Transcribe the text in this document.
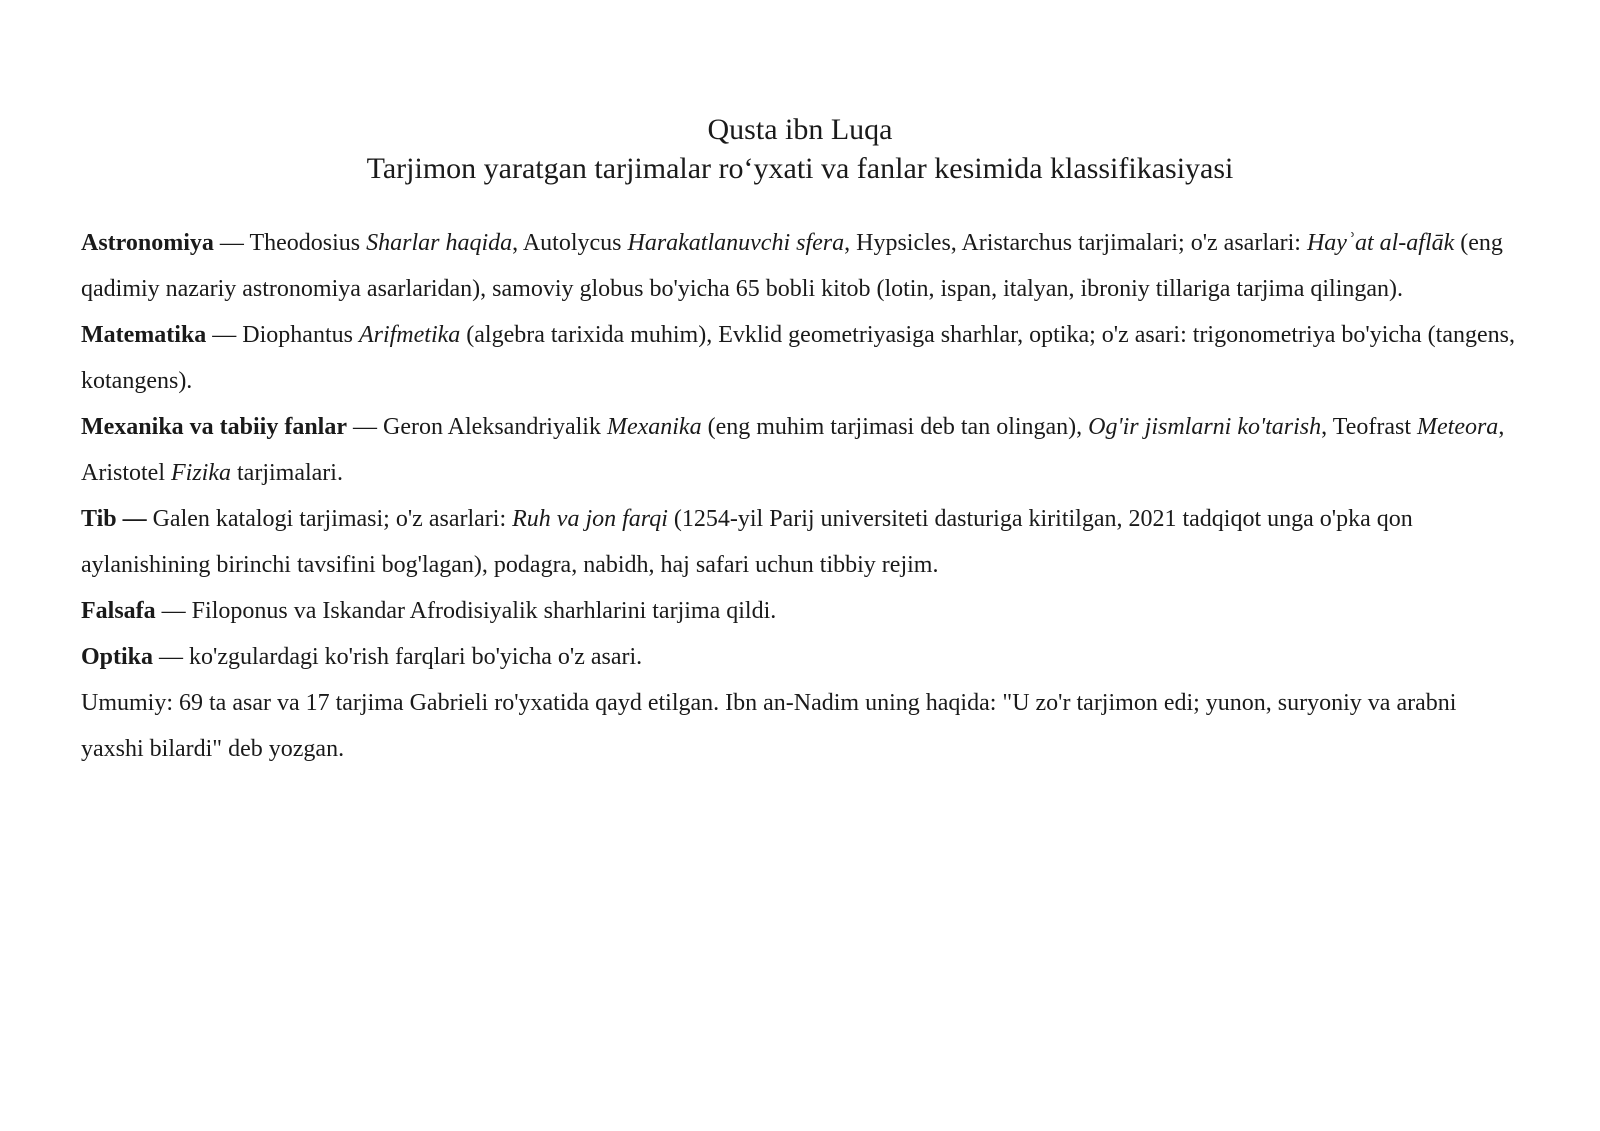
Qusta ibn Luqa
Tarjimon yaratgan tarjimalar ro‘yxati va fanlar kesimida klassifikasiyasi

Astronomiya — Theodosius Sharlar haqida, Autolycus Harakatlanuvchi sfera, Hypsicles, Aristarchus tarjimalari; o'z asarlari: Hayʾat al-aflāk (eng qadimiy nazariy astronomiya asarlaridan), samoviy globus bo'yicha 65 bobli kitob (lotin, ispan, italyan, ibroniy tillariga tarjima qilingan).

Matematika — Diophantus Arifmetika (algebra tarixida muhim), Evklid geometriyasiga sharhlar, optika; o'z asari: trigonometriya bo'yicha (tangens, kotangens).

Mexanika va tabiiy fanlar — Geron Aleksandriyalik Mexanika (eng muhim tarjimasi deb tan olingan), Og'ir jismlarni ko'tarish, Teofrast Meteora, Aristotel Fizika tarjimalari.

Tib — Galen katalogi tarjimasi; o'z asarlari: Ruh va jon farqi (1254-yil Parij universiteti dasturiga kiritilgan, 2021 tadqiqot unga o'pka qon aylanishining birinchi tavsifini bog'lagan), podagra, nabidh, haj safari uchun tibbiy rejim.

Falsafa — Filoponus va Iskandar Afrodisiyalik sharhlarini tarjima qildi.

Optika — ko'zgulardagi ko'rish farqlari bo'yicha o'z asari.

Umumiy: 69 ta asar va 17 tarjima Gabrieli ro'yxatida qayd etilgan. Ibn an-Nadim uning haqida: "U zo'r tarjimon edi; yunon, suryoniy va arabni yaxshi bilardi" deb yozgan.
